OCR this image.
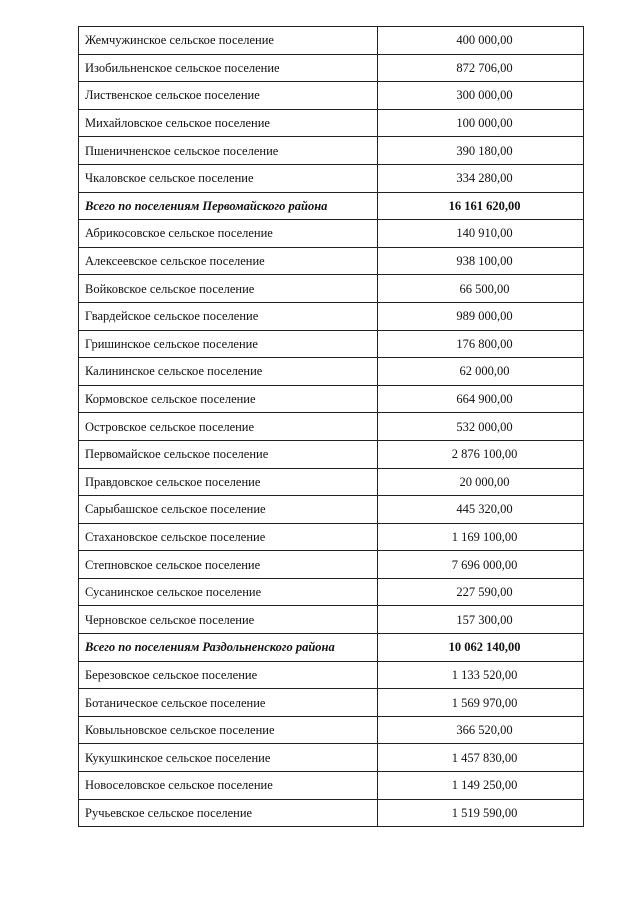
Жемчужинское сельское поселение	400 000,00
Изобильненское сельское поселение	872 706,00
Лиственское сельское поселение	300 000,00
Михайловское сельское поселение	100 000,00
Пшеничненское сельское поселение	390 180,00
Чкаловское сельское поселение	334 280,00
Всего по поселениям Первомайского района	16 161 620,00
Абрикосовское сельское поселение	140 910,00
Алексеевское сельское поселение	938 100,00
Войковское сельское поселение	66 500,00
Гвардейское сельское поселение	989 000,00
Гришинское сельское поселение	176 800,00
Калининское сельское поселение	62 000,00
Кормовское сельское поселение	664 900,00
Островское сельское поселение	532 000,00
Первомайское сельское поселение	2 876 100,00
Правдовское сельское поселение	20 000,00
Сарыбашское сельское поселение	445 320,00
Стахановское сельское поселение	1 169 100,00
Степновское сельское поселение	7 696 000,00
Сусанинское сельское поселение	227 590,00
Черновское сельское поселение	157 300,00
Всего по поселениям Раздольненского района	10 062 140,00
Березовское сельское поселение	1 133 520,00
Ботаническое сельское поселение	1 569 970,00
Ковыльновское сельское поселение	366 520,00
Кукушкинское сельское поселение	1 457 830,00
Новоселовское сельское поселение	1 149 250,00
Ручьевское сельское поселение	1 519 590,00
